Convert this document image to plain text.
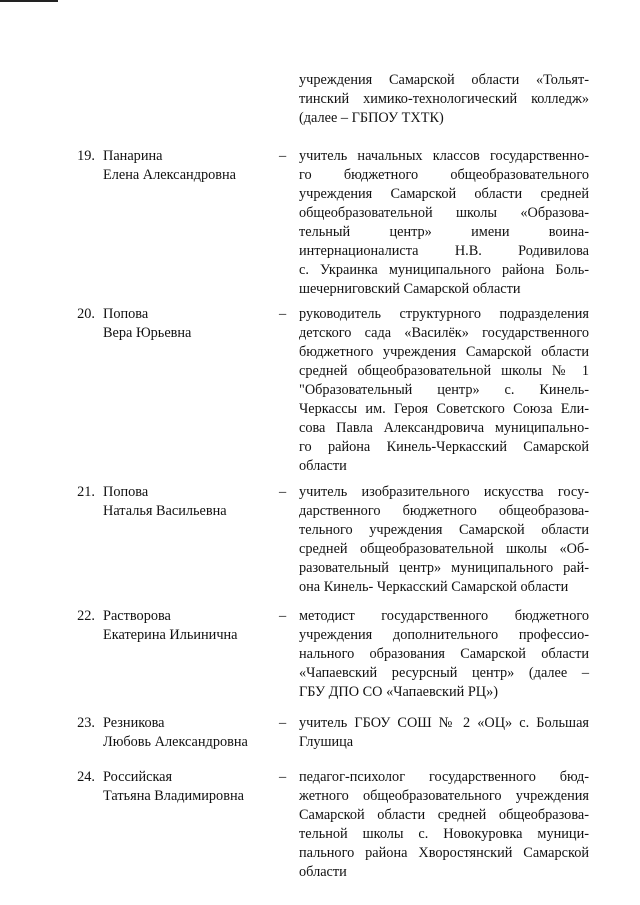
учреждения Самарской области «Тольят-
тинский химико-технологический колледж»
(далее – ГБПОУ ТХТК)
19. Панарина
Елена Александровна
– учитель начальных классов государственно-
го бюджетного общеобразовательного
учреждения Самарской области средней
общеобразовательной школы «Образова-
тельный центр» имени воина-
интернационалиста Н.В. Родивилова
с. Украинка муниципального района Боль-
шечерниговский Самарской области
20. Попова
Вера Юрьевна
– руководитель структурного подразделения
детского сада «Василёк» государственного
бюджетного учреждения Самарской области
средней общеобразовательной школы № 1
"Образовательный центр» с. Кинель-
Черкассы им. Героя Советского Союза Ели-
сова Павла Александровича муниципально-
го района Кинель-Черкасский Самарской
области
21. Попова
Наталья Васильевна
– учитель изобразительного искусства госу-
дарственного бюджетного общеобразова-
тельного учреждения Самарской области
средней общеобразовательной школы «Об-
разовательный центр» муниципального рай-
она Кинель- Черкасский Самарской области
22. Растворова
Екатерина Ильинична
– методист государственного бюджетного
учреждения дополнительного профессио-
нального образования Самарской области
«Чапаевский ресурсный центр» (далее –
ГБУ ДПО СО «Чапаевский РЦ»)
23. Резникова
Любовь Александровна
– учитель ГБОУ СОШ № 2 «ОЦ» с. Большая
Глушица
24. Российская
Татьяна Владимировна
– педагог-психолог государственного бюд-
жетного общеобразовательного учреждения
Самарской области средней общеобразова-
тельной школы с. Новокуровка муници-
пального района Хворостянский Самарской
области
